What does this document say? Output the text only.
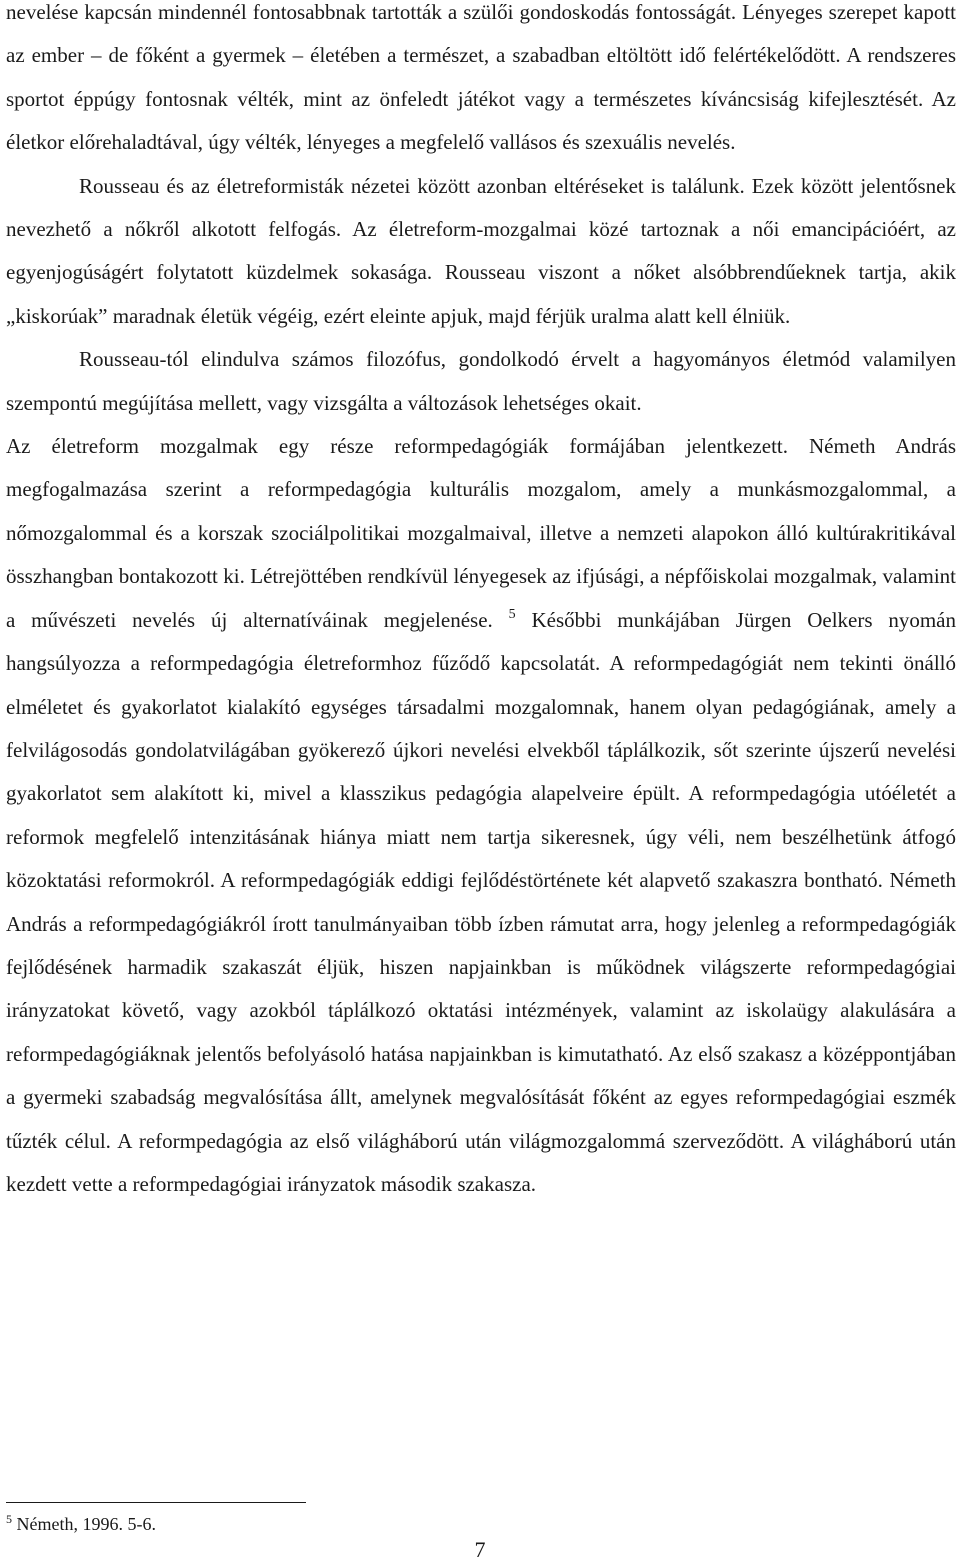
nevelése kapcsán mindennél fontosabbnak tartották a szülői gondoskodás fontosságát. Lényeges szerepet kapott az ember – de főként a gyermek – életében a természet, a szabadban eltöltött idő felértékelődött. A rendszeres sportot éppúgy fontosnak vélték, mint az önfeledt játékot vagy a természetes kíváncsiság kifejlesztését. Az életkor előrehaladtával, úgy vélték, lényeges a megfelelő vallásos és szexuális nevelés.

Rousseau és az életreformisták nézetei között azonban eltéréseket is találunk. Ezek között jelentősnek nevezhető a nőkről alkotott felfogás. Az életreform-mozgalmai közé tartoznak a női emancipációért, az egyenjogúságért folytatott küzdelmek sokasága. Rousseau viszont a nőket alsóbbrendűeknek tartja, akik „kiskorúak” maradnak életük végéig, ezért eleinte apjuk, majd férjük uralma alatt kell élniük.

Rousseau-tól elindulva számos filozófus, gondolkodó érvelt a hagyományos életmód valamilyen szempontú megújítása mellett, vagy vizsgálta a változások lehetséges okait.

Az életreform mozgalmak egy része reformpedagógiák formájában jelentkezett. Németh András megfogalmazása szerint a reformpedagógia kulturális mozgalom, amely a munkásmozgalommal, a nőmozgalommal és a korszak szociálpolitikai mozgalmaival, illetve a nemzeti alapokon álló kultúrakritikával összhangban bontakozott ki. Létrejöttében rendkívül lényegesek az ifjúsági, a népfőiskolai mozgalmak, valamint a művészeti nevelés új alternatíváinak megjelenése. $^5$ Későbbi munkájában Jürgen Oelkers nyomán hangsúlyozza a reformpedagógia életreformhoz fűződő kapcsolatát. A reformpedagógiát nem tekinti önálló elméletet és gyakorlatot kialakító egységes társadalmi mozgalomnak, hanem olyan pedagógiának, amely a felvilágosodás gondolatvilágában gyökerező újkori nevelési elvekből táplálkozik, sőt szerinte újszerű nevelési gyakorlatot sem alakított ki, mivel a klasszikus pedagógia alapelveire épült. A reformpedagógia utóéletét a reformok megfelelő intenzitásának hiánya miatt nem tartja sikeresnek, úgy véli, nem beszélhetünk átfogó közoktatási reformokról. A reformpedagógiák eddigi fejlődéstörténete két alapvető szakaszra bontható. Németh András a reformpedagógiákról írott tanulmányaiban több ízben rámutat arra, hogy jelenleg a reformpedagógiák fejlődésének harmadik szakaszát éljük, hiszen napjainkban is működnek világszerte reformpedagógiai irányzatokat követő, vagy azokból táplálkozó oktatási intézmények, valamint az iskolaügy alakulására a reformpedagógiáknak jelentős befolyásoló hatása napjainkban is kimutatható. Az első szakasz a középpontjában a gyermeki szabadság megvalósítása állt, amelynek megvalósítását főként az egyes reformpedagógiai eszmék tűzték célul. A reformpedagógia az első világháború után világmozgalommá szerveződött. A világháború után kezdett vette a reformpedagógiai irányzatok második szakasza.

$^5$ Németh, 1996. 5-6.

7
